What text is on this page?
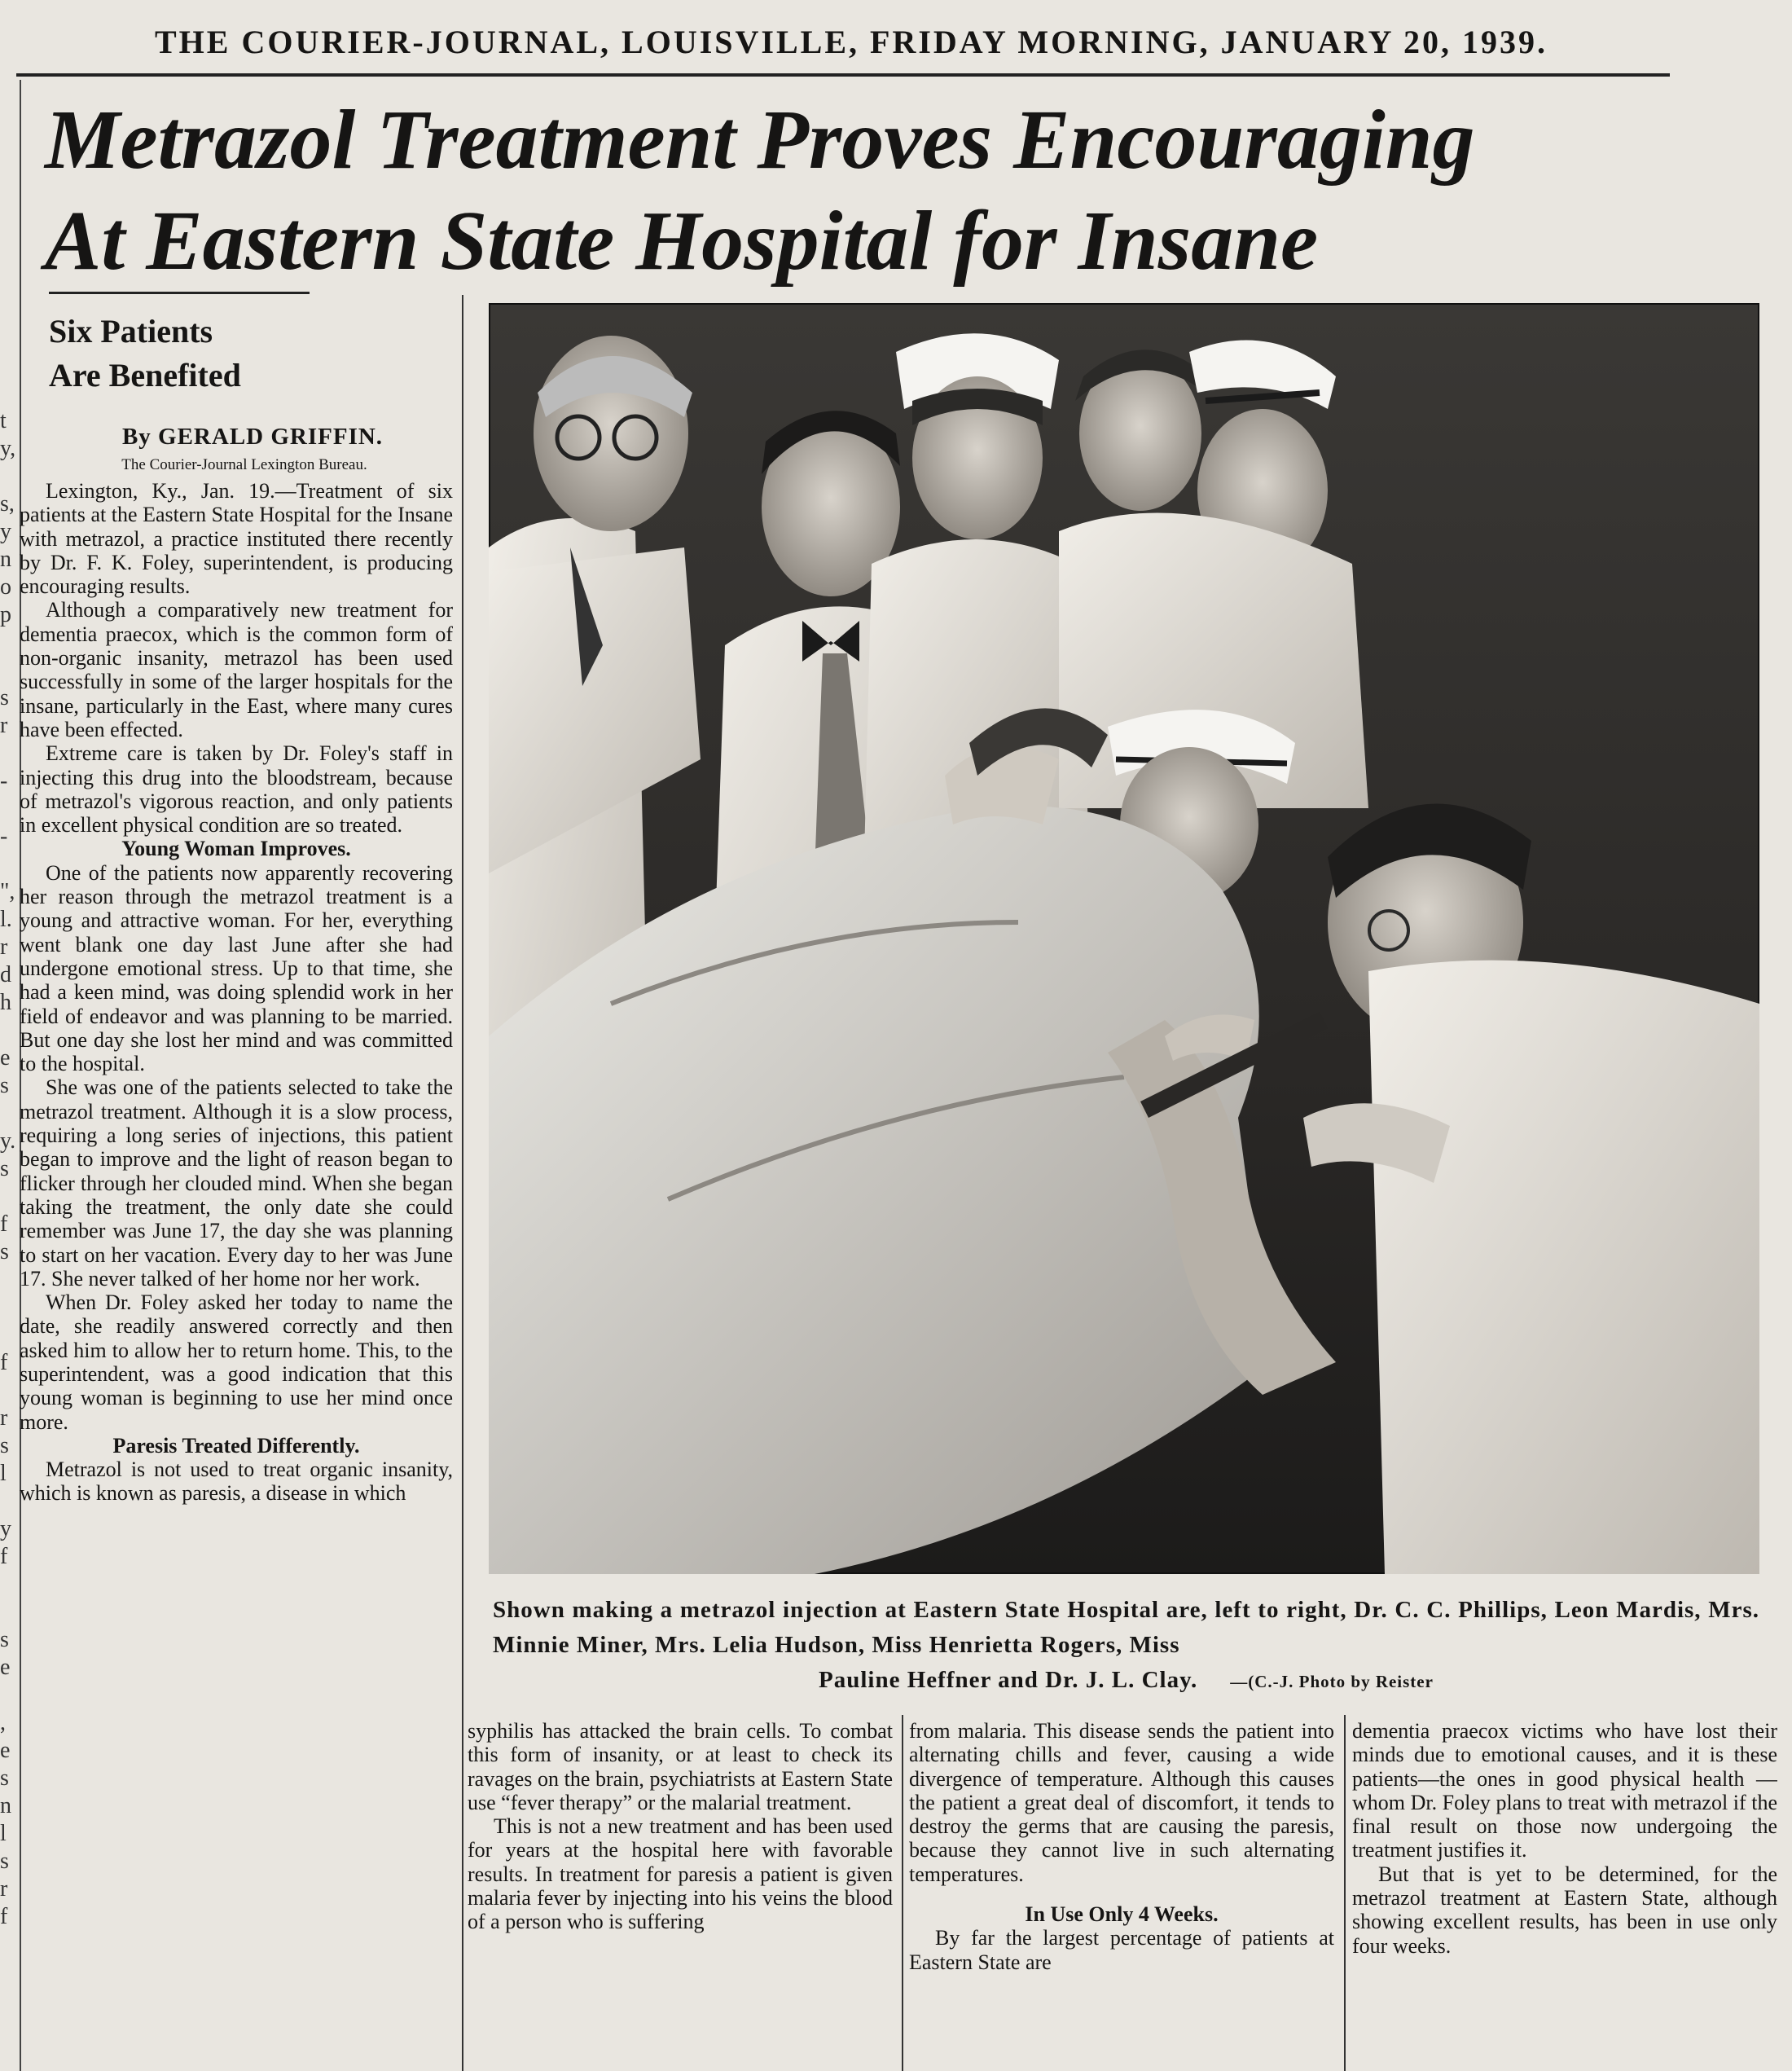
THE COURIER-JOURNAL, LOUISVILLE, FRIDAY MORNING, JANUARY 20, 1939.
t
y,

s,
y
n
o
p

s
r

-

-

",
l.
r
d
h

e
s

y.
s

f
s

f

r
s
l

y
f

s
e

,
e
s
n
l
s
r
f
Metrazol Treatment Proves Encouraging
At Eastern State Hospital for Insane
Six Patients
Are Benefited
By GERALD GRIFFIN.
The Courier-Journal Lexington Bureau.

Lexington, Ky., Jan. 19.—Treatment of six patients at the Eastern State Hospital for the Insane with metrazol, a practice instituted there recently by Dr. F. K. Foley, superintendent, is producing encouraging results.

Although a comparatively new treatment for dementia praecox, which is the common form of non-organic insanity, metrazol has been used successfully in some of the larger hospitals for the insane, particularly in the East, where many cures have been effected.

Extreme care is taken by Dr. Foley's staff in injecting this drug into the bloodstream, because of metrazol's vigorous reaction, and only patients in excellent physical condition are so treated.

Young Woman Improves.

One of the patients now apparently recovering her reason through the metrazol treatment is a young and attractive woman. For her, everything went blank one day last June after she had undergone emotional stress. Up to that time, she had a keen mind, was doing splendid work in her field of endeavor and was planning to be married. But one day she lost her mind and was committed to the hospital.

She was one of the patients selected to take the metrazol treatment. Although it is a slow process, requiring a long series of injections, this patient began to improve and the light of reason began to flicker through her clouded mind. When she began taking the treatment, the only date she could remember was June 17, the day she was planning to start on her vacation. Every day to her was June 17. She never talked of her home nor her work.

When Dr. Foley asked her today to name the date, she readily answered correctly and then asked him to allow her to return home. This, to the superintendent, was a good indication that this young woman is beginning to use her mind once more.

Paresis Treated Differently.

Metrazol is not used to treat organic insanity, which is known as paresis, a disease in which

Shown making a metrazol injection at Eastern State Hospital are, left to right, Dr. C. C. Phillips, Leon Mardis, Mrs. Minnie Miner, Mrs. Lelia Hudson, Miss Henrietta Rogers, Miss
Pauline Heffner and Dr. J. L. Clay. —(C.-J. Photo by Reister

syphilis has attacked the brain cells. To combat this form of insanity, or at least to check its ravages on the brain, psychiatrists at Eastern State use “fever therapy” or the malarial treatment.

This is not a new treatment and has been used for years at the hospital here with favorable results. In treatment for paresis a patient is given malaria fever by injecting into his veins the blood of a person who is suffering

from malaria. This disease sends the patient into alternating chills and fever, causing a wide divergence of temperature. Although this causes the patient a great deal of discomfort, it tends to destroy the germs that are causing the paresis, because they cannot live in such alternating temperatures.

In Use Only 4 Weeks.

By far the largest percentage of patients at Eastern State are

dementia praecox victims who have lost their minds due to emotional causes, and it is these patients—the ones in good physical health — whom Dr. Foley plans to treat with metrazol if the final result on those now undergoing the treatment justifies it.

But that is yet to be determined, for the metrazol treatment at Eastern State, although showing excellent results, has been in use only four weeks.
